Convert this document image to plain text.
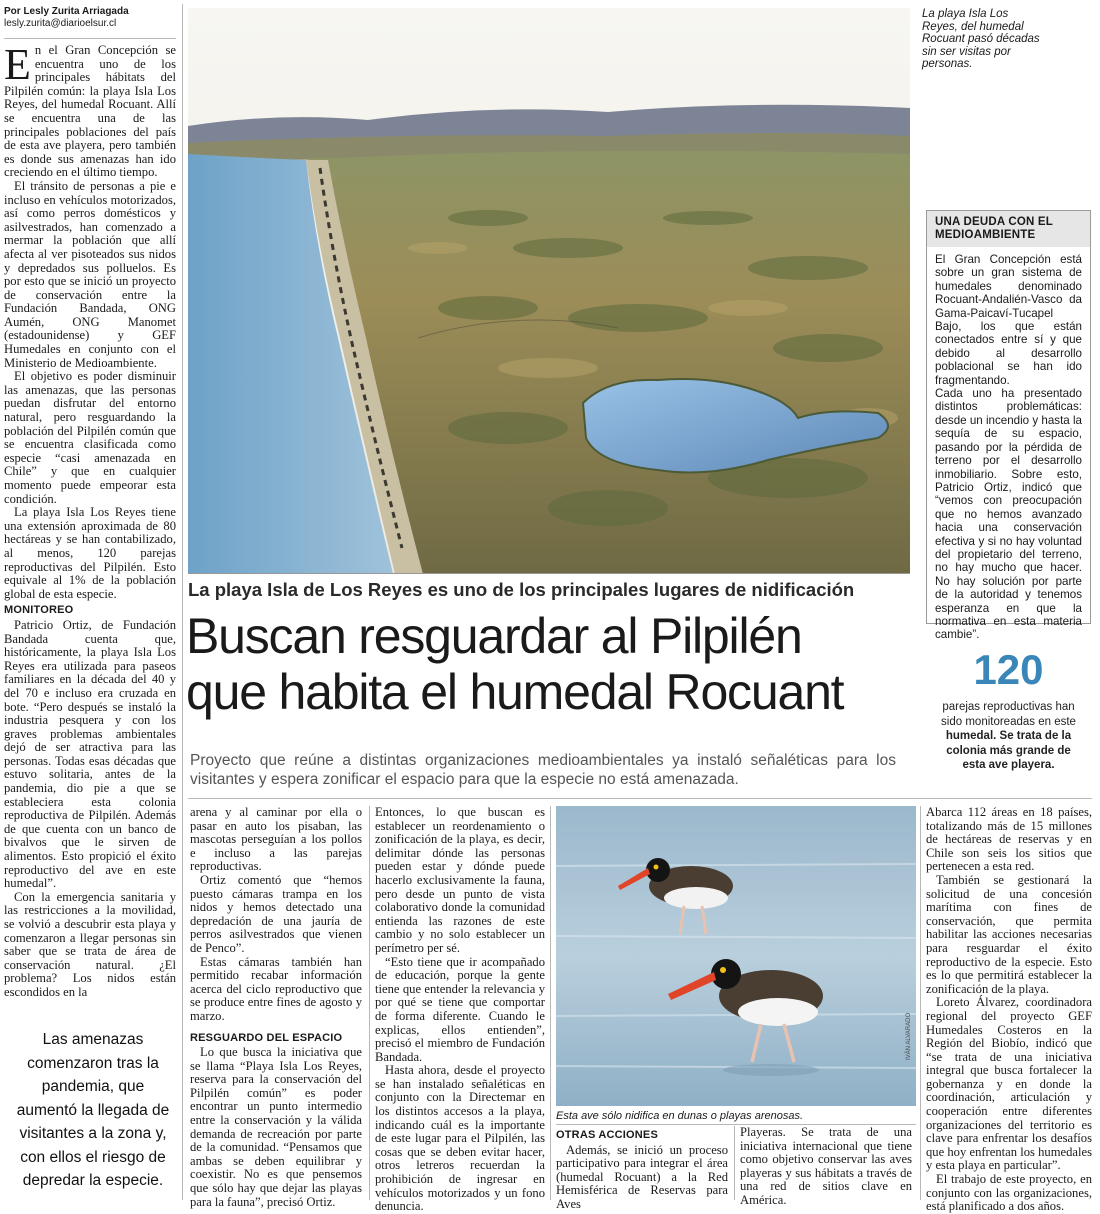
Por Lesly Zurita Arriagada
lesly.zurita@diarioelsur.cl

En el Gran Concepción se encuentra uno de los principales hábitats del Pilpilén común: la playa Isla Los Reyes, del humedal Rocuant. Allí se encuentra una de las principales poblaciones del país de esta ave playera, pero también es donde sus amenazas han ido creciendo en el último tiempo.

El tránsito de personas a pie e incluso en vehículos motorizados, así como perros domésticos y asilvestrados, han comenzado a mermar la población que allí afecta al ver pisoteados sus nidos y depredados sus polluelos. Es por esto que se inició un proyecto de conservación entre la Fundación Bandada, ONG Aumén, ONG Manomet (estadounidense) y GEF Humedales en conjunto con el Ministerio de Medioambiente.

El objetivo es poder disminuir las amenazas, que las personas puedan disfrutar del entorno natural, pero resguardando la población del Pilpilén común que se encuentra clasificada como especie “casi amenazada en Chile” y que en cualquier momento puede empeorar esta condición.

La playa Isla Los Reyes tiene una extensión aproximada de 80 hectáreas y se han contabilizado, al menos, 120 parejas reproductivas del Pilpilén. Esto equivale al 1% de la población global de esta especie.

MONITOREO

Patricio Ortiz, de Fundación Bandada cuenta que, históricamente, la playa Isla Los Reyes era utilizada para paseos familiares en la década del 40 y del 70 e incluso era cruzada en bote. “Pero después se instaló la industria pesquera y con los graves problemas ambientales dejó de ser atractiva para las personas. Todas esas décadas que estuvo solitaria, antes de la pandemia, dio pie a que se estableciera esta colonia reproductiva de Pilpilén. Además de que cuenta con un banco de bivalvos que le sirven de alimentos. Esto propició el éxito reproductivo del ave en este humedal”.

Con la emergencia sanitaria y las restricciones a la movilidad, se volvió a descubrir esta playa y comenzaron a llegar personas sin saber que se trata de área de conservación natural. ¿El problema? Los nidos están escondidos en la

Las amenazas comenzaron tras la pandemia, que aumentó la llegada de visitantes a la zona y, con ellos el riesgo de depredar la especie.
La playa Isla Los Reyes, del humedal Rocuant pasó décadas sin ser visitas por personas.
UNA DEUDA CON EL MEDIOAMBIENTE

El Gran Concepción está sobre un gran sistema de humedales denominado Rocuant-Andalién-Vasco da Gama-Paicaví-Tucapel Bajo, los que están conectados entre sí y que debido al desarrollo poblacional se han ido fragmentando.

Cada uno ha presentado distintos problemáticas: desde un incendio y hasta la sequía de su espacio, pasando por la pérdida de terreno por el desarrollo inmobiliario. Sobre esto, Patricio Ortiz, indicó que “vemos con preocupación que no hemos avanzado hacia una conservación efectiva y si no hay voluntad del propietario del terreno, no hay mucho que hacer. No hay solución por parte de la autoridad y tenemos esperanza en que la normativa en esta materia cambie”.

La playa Isla de Los Reyes es uno de los principales lugares de nidificación
Buscan resguardar al Pilpilén
que habita el humedal Rocuant	120
parejas reproductivas han
sido monitoreadas en este
humedal. Se trata de la
colonia más grande de
esta ave playera.
Proyecto que reúne a distintas organizaciones medioambientales ya instaló señaléticas para los visitantes y espera zonificar el espacio para que la especie no está amenazada.

arena y al caminar por ella o pasar en auto los pisaban, las mascotas perseguían a los pollos e incluso a las parejas reproductivas.

Ortiz comentó que “hemos puesto cámaras trampa en los nidos y hemos detectado una depredación de una jauría de perros asilvestrados que vienen de Penco”.

Estas cámaras también han permitido recabar información acerca del ciclo reproductivo que se produce entre fines de agosto y marzo.

RESGUARDO DEL ESPACIO

Lo que busca la iniciativa que se llama “Playa Isla Los Reyes, reserva para la conservación del Pilpilén común” es poder encontrar un punto intermedio entre la conservación y la válida demanda de recreación por parte de la comunidad. “Pensamos que ambas se deben equilibrar y coexistir. No es que pensemos que sólo hay que dejar las playas para la fauna”, precisó Ortiz.

Entonces, lo que buscan es establecer un reordenamiento o zonificación de la playa, es decir, delimitar dónde las personas pueden estar y dónde puede hacerlo exclusivamente la fauna, pero desde un punto de vista colaborativo donde la comunidad entienda las razones de este cambio y no solo establecer un perímetro per sé.

“Esto tiene que ir acompañado de educación, porque la gente tiene que entender la relevancia y por qué se tiene que comportar de forma diferente. Cuando le explicas, ellos entienden”, precisó el miembro de Fundación Bandada.

Hasta ahora, desde el proyecto se han instalado señaléticas en conjunto con la Directemar en los distintos accesos a la playa, indicando cuál es la importante de este lugar para el Pilpilén, las cosas que se deben evitar hacer, otros letreros recuerdan la prohibición de ingresar en vehículos motorizados y un fono denuncia.

IVÁN ALVARADO
Esta ave sólo nidifica en dunas o playas arenosas.
OTRAS ACCIONES

Además, se inició un proceso participativo para integrar el área (humedal Rocuant) a la Red Hemisférica de Reservas para Aves

Playeras. Se trata de una iniciativa internacional que tiene como objetivo conservar las aves playeras y sus hábitats a través de una red de sitios clave en América.

Abarca 112 áreas en 18 países, totalizando más de 15 millones de hectáreas de reservas y en Chile son seis los sitios que pertenecen a esta red.

También se gestionará la solicitud de una concesión marítima con fines de conservación, que permita habilitar las acciones necesarias para resguardar el éxito reproductivo de la especie. Esto es lo que permitirá establecer la zonificación de la playa.

Loreto Álvarez, coordinadora regional del proyecto GEF Humedales Costeros en la Región del Biobío, indicó que “se trata de una iniciativa integral que busca fortalecer la gobernanza y en donde la coordinación, articulación y cooperación entre diferentes organizaciones del territorio es clave para enfrentar los desafíos que hoy enfrentan los humedales y esta playa en particular”.

El trabajo de este proyecto, en conjunto con las organizaciones, está planificado a dos años.
